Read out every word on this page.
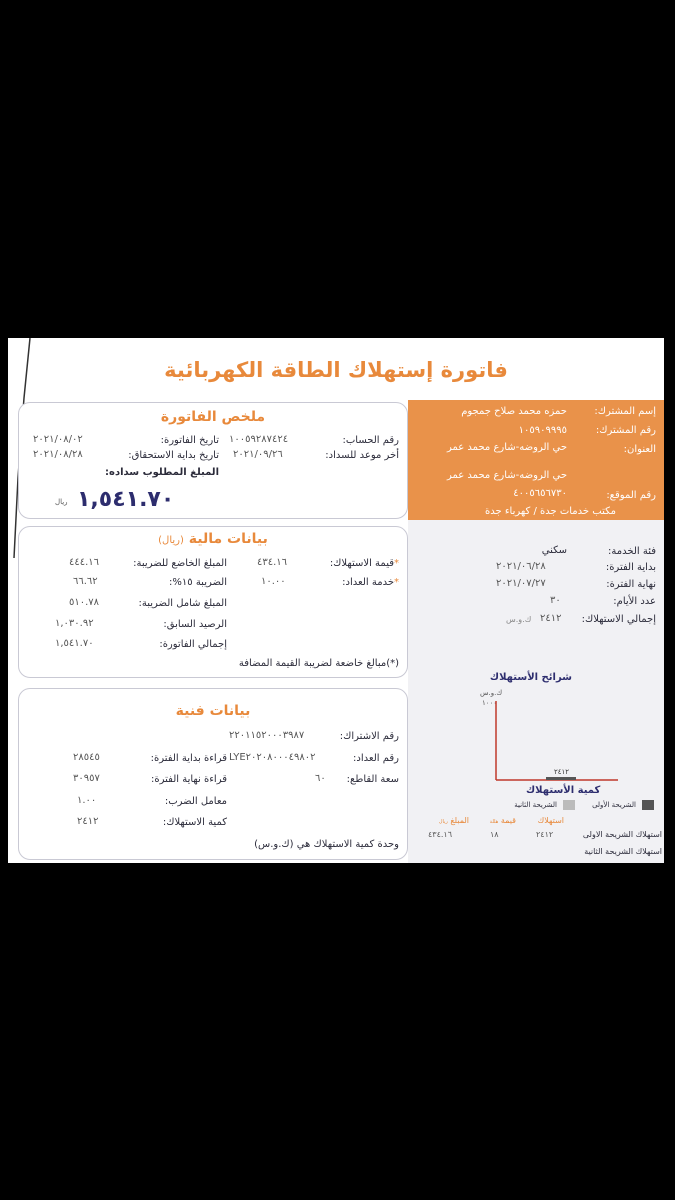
فاتورة إستهلاك الطاقة الكهربائية
إسم المشترك:
حمزه محمد صلاح جمجوم
رقم المشترك:
١٠٥٩٠٩٩٩٥
العنوان:
حي الروضه-شارع محمد عمر
حي الروضه-شارع محمد عمر
رقم الموقع:
٤٠٠٥٦٥٦٧٣٠
مكتب خدمات جدة / كهرباء جدة
فئة الخدمة:
سكني
بداية الفترة:
٢٠٢١/٠٦/٢٨
نهاية الفترة:
٢٠٢١/٠٧/٢٧
عدد الأيام:
٣٠
إجمالي الاستهلاك:
٢٤١٢
ك.و.س
ملخص الفاتورة
رقم الحساب:
١٠٠٥٩٢٨٧٤٢٤
تاريخ الفاتورة:
٢٠٢١/٠٨/٠٢
أخر موعد للسداد:
٢٠٢١/٠٩/٢٦
تاريخ بداية الاستحقاق:
٢٠٢١/٠٨/٢٨
المبلغ المطلوب سداده:
١,٥٤١.٧٠
ريال
بيانات مالية (ريال)
*قيمة الاستهلاك:
٤٣٤.١٦
*خدمة العداد:
١٠.٠٠
المبلغ الخاضع للضريبة:
٤٤٤.١٦
الضريبة ١٥%:
٦٦.٦٢
المبلغ شامل الضريبة:
٥١٠.٧٨
الرصيد السابق:
١,٠٣٠.٩٢
إجمالي الفاتورة:
١,٥٤١.٧٠
(*)مبالغ خاضعة لضريبة القيمة المضافة
بيانات فنية
رقم الاشتراك:
٢٢٠١١٥٢٠٠٠٣٩٨٧
رقم العداد:
LYE٢٠٢٠٨٠٠٠٤٩٨٠٢
سعة القاطع:
٦٠
قراءة بداية الفترة:
٢٨٥٤٥
قراءة نهاية الفترة:
٣٠٩٥٧
معامل الضرب:
١.٠٠
كمية الاستهلاك:
٢٤١٢
وحدة كمية الاستهلاك هي (ك.و.س)
شرائح الأستهلاك
ك.و.س
١٠٠٠
٢٤١٢
كمية الأستهلاك
الشريحة الأولى
الشريحة الثانية
استهلاك
قيمة هللة
المبلغ ريال
استهلاك الشريحة الاولى
٢٤١٢
١٨
٤٣٤.١٦
استهلاك الشريحة الثانية
